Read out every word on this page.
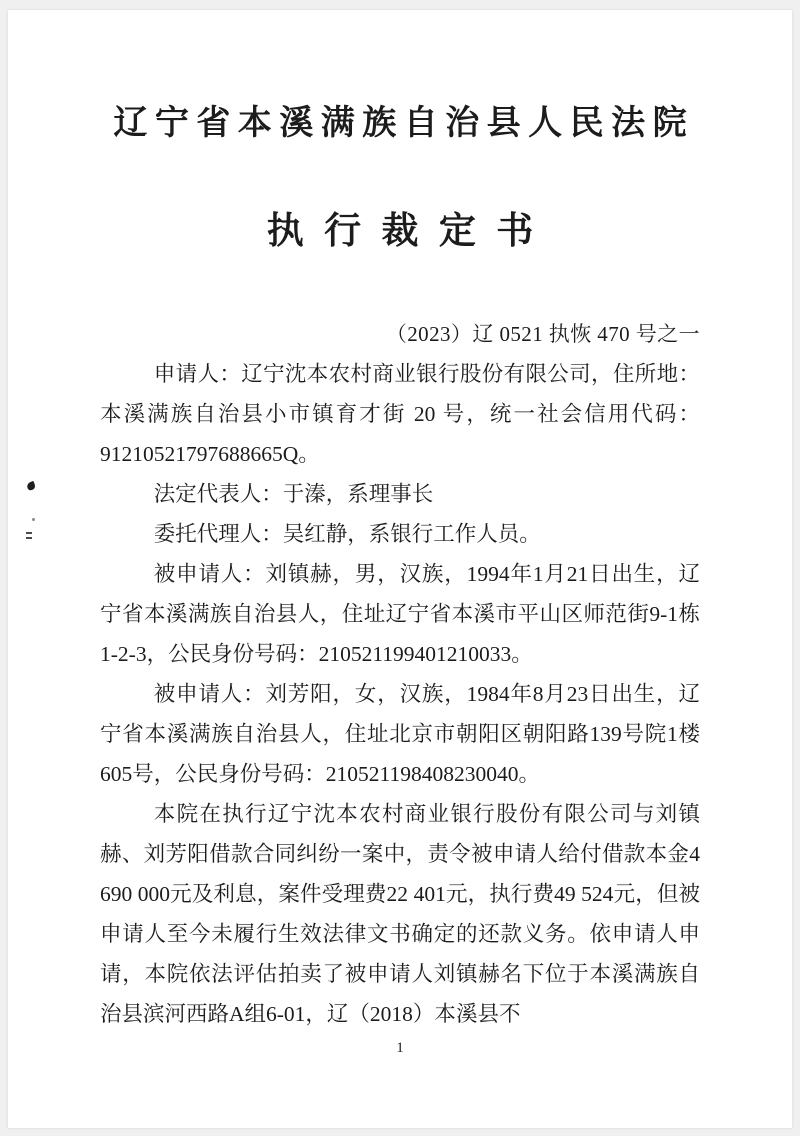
辽宁省本溪满族自治县人民法院
执行裁定书
（2023）辽 0521 执恢 470 号之一

申请人：辽宁沈本农村商业银行股份有限公司，住所地：本溪满族自治县小市镇育才街 20 号，统一社会信用代码：91210521797688665Q。

法定代表人：于溱，系理事长

委托代理人：吴红静，系银行工作人员。

被申请人：刘镇赫，男，汉族，1994年1月21日出生，辽宁省本溪满族自治县人，住址辽宁省本溪市平山区师范街9-1栋1-2-3，公民身份号码：210521199401210033。

被申请人：刘芳阳，女，汉族，1984年8月23日出生，辽宁省本溪满族自治县人，住址北京市朝阳区朝阳路139号院1楼605号，公民身份号码：210521198408230040。

本院在执行辽宁沈本农村商业银行股份有限公司与刘镇赫、刘芳阳借款合同纠纷一案中，责令被申请人给付借款本金4 690 000元及利息，案件受理费22 401元，执行费49 524元，但被申请人至今未履行生效法律文书确定的还款义务。依申请人申请，本院依法评估拍卖了被申请人刘镇赫名下位于本溪满族自治县滨河西路A组6-01，辽（2018）本溪县不

1
